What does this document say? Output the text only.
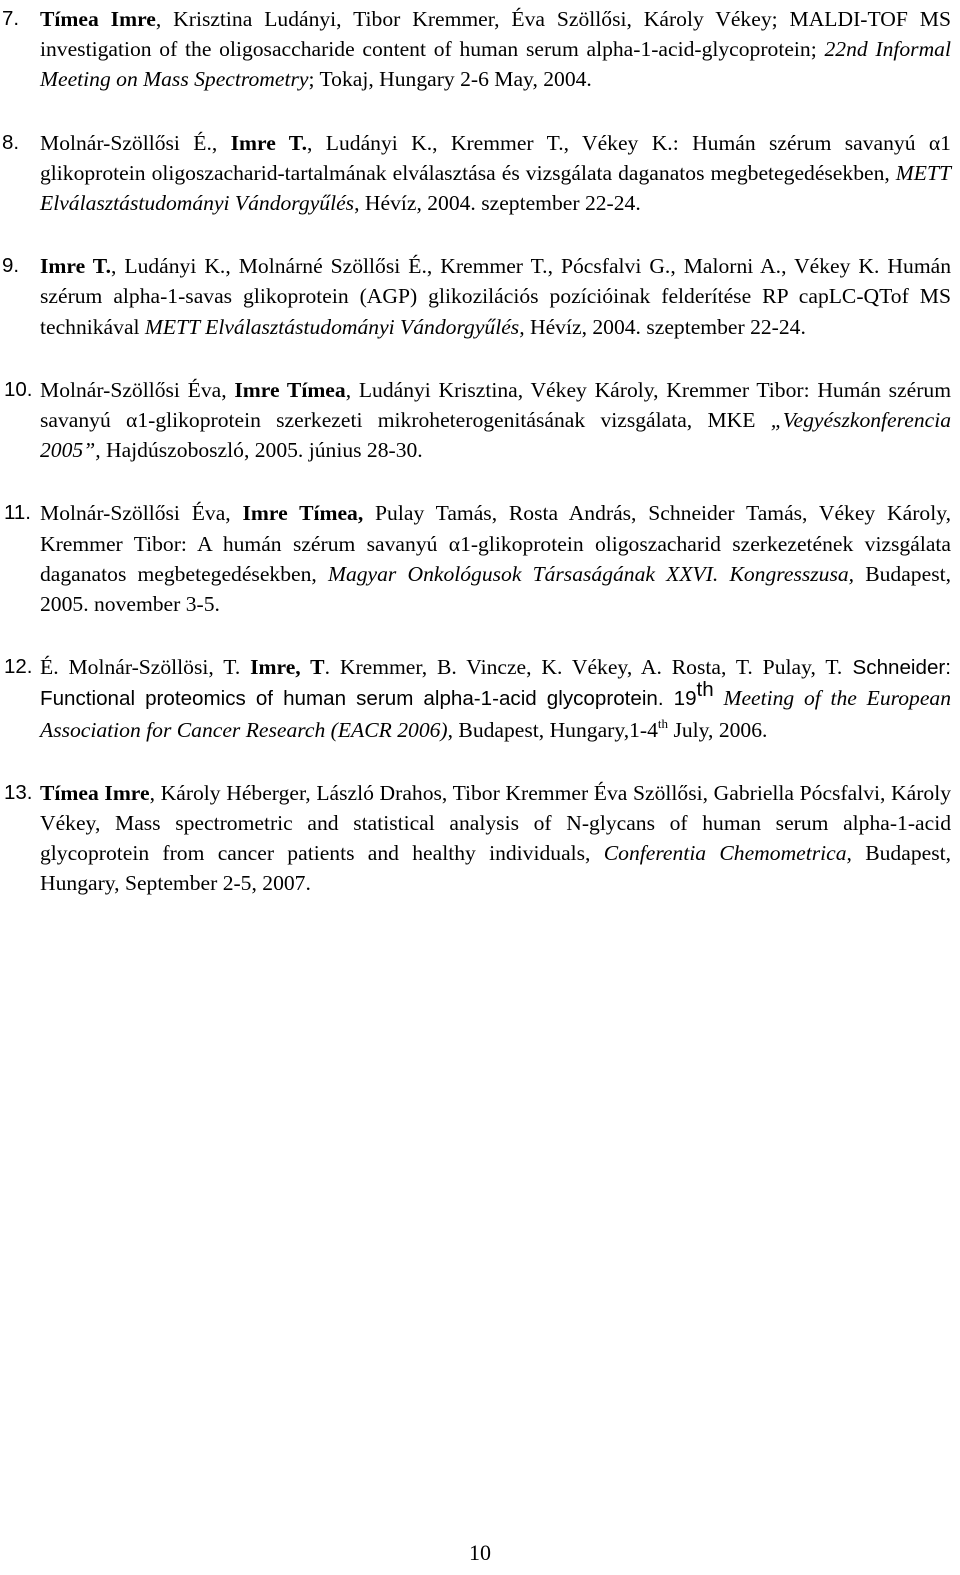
7. Tímea Imre, Krisztina Ludányi, Tibor Kremmer, Éva Szöllősi, Károly Vékey; MALDI-TOF MS investigation of the oligosaccharide content of human serum alpha-1-acid-glycoprotein; 22nd Informal Meeting on Mass Spectrometry; Tokaj, Hungary 2-6 May, 2004.
8. Molnár-Szöllősi É., Imre T., Ludányi K., Kremmer T., Vékey K.: Humán szérum savanyú α1 glikoprotein oligoszacharid-tartalmának elválasztása és vizsgálata daganatos megbetegedésekben, METT Elválasztástudományi Vándorgyűlés, Hévíz, 2004. szeptember 22-24.
9. Imre T., Ludányi K., Molnárné Szöllősi É., Kremmer T., Pócsfalvi G., Malorni A., Vékey K. Humán szérum alpha-1-savas glikoprotein (AGP) glikozilációs pozícióinak felderítése RP capLC-QTof MS technikával METT Elválasztástudományi Vándorgyűlés, Hévíz, 2004. szeptember 22-24.
10. Molnár-Szöllősi Éva, Imre Tímea, Ludányi Krisztina, Vékey Károly, Kremmer Tibor: Humán szérum savanyú α1-glikoprotein szerkezeti mikroheterogenitásának vizsgálata, MKE „Vegyészkonferencia 2005”, Hajdúszoboszló, 2005. június 28-30.
11. Molnár-Szöllősi Éva, Imre Tímea, Pulay Tamás, Rosta András, Schneider Tamás, Vékey Károly, Kremmer Tibor: A humán szérum savanyú α1-glikoprotein oligoszacharid szerkezetének vizsgálata daganatos megbetegedésekben, Magyar Onkológusok Társaságának XXVI. Kongresszusa, Budapest, 2005. november 3-5.
12. É. Molnár-Szöllösi, T. Imre, T. Kremmer, B. Vincze, K. Vékey, A. Rosta, T. Pulay, T. Schneider: Functional proteomics of human serum alpha-1-acid glycoprotein. 19th Meeting of the European Association for Cancer Research (EACR 2006), Budapest, Hungary,1-4th July, 2006.
13. Tímea Imre, Károly Héberger, László Drahos, Tibor Kremmer Éva Szöllősi, Gabriella Pócsfalvi, Károly Vékey, Mass spectrometric and statistical analysis of N-glycans of human serum alpha-1-acid glycoprotein from cancer patients and healthy individuals, Conferentia Chemometrica, Budapest, Hungary, September 2-5, 2007.
10
